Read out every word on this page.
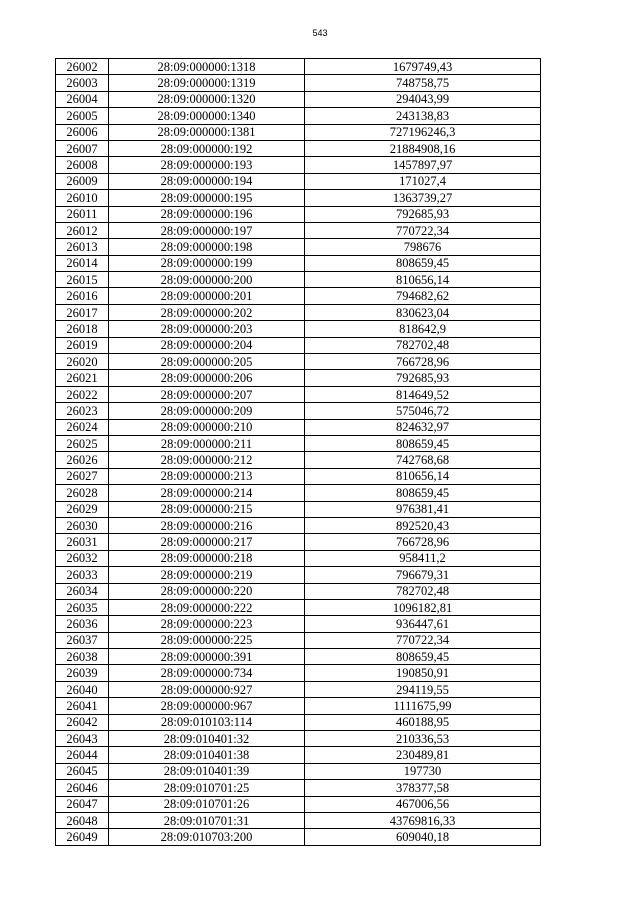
543
26002	28:09:000000:1318	1679749,43
26003	28:09:000000:1319	748758,75
26004	28:09:000000:1320	294043,99
26005	28:09:000000:1340	243138,83
26006	28:09:000000:1381	727196246,3
26007	28:09:000000:192	21884908,16
26008	28:09:000000:193	1457897,97
26009	28:09:000000:194	171027,4
26010	28:09:000000:195	1363739,27
26011	28:09:000000:196	792685,93
26012	28:09:000000:197	770722,34
26013	28:09:000000:198	798676
26014	28:09:000000:199	808659,45
26015	28:09:000000:200	810656,14
26016	28:09:000000:201	794682,62
26017	28:09:000000:202	830623,04
26018	28:09:000000:203	818642,9
26019	28:09:000000:204	782702,48
26020	28:09:000000:205	766728,96
26021	28:09:000000:206	792685,93
26022	28:09:000000:207	814649,52
26023	28:09:000000:209	575046,72
26024	28:09:000000:210	824632,97
26025	28:09:000000:211	808659,45
26026	28:09:000000:212	742768,68
26027	28:09:000000:213	810656,14
26028	28:09:000000:214	808659,45
26029	28:09:000000:215	976381,41
26030	28:09:000000:216	892520,43
26031	28:09:000000:217	766728,96
26032	28:09:000000:218	958411,2
26033	28:09:000000:219	796679,31
26034	28:09:000000:220	782702,48
26035	28:09:000000:222	1096182,81
26036	28:09:000000:223	936447,61
26037	28:09:000000:225	770722,34
26038	28:09:000000:391	808659,45
26039	28:09:000000:734	190850,91
26040	28:09:000000:927	294119,55
26041	28:09:000000:967	1111675,99
26042	28:09:010103:114	460188,95
26043	28:09:010401:32	210336,53
26044	28:09:010401:38	230489,81
26045	28:09:010401:39	197730
26046	28:09:010701:25	378377,58
26047	28:09:010701:26	467006,56
26048	28:09:010701:31	43769816,33
26049	28:09:010703:200	609040,18
